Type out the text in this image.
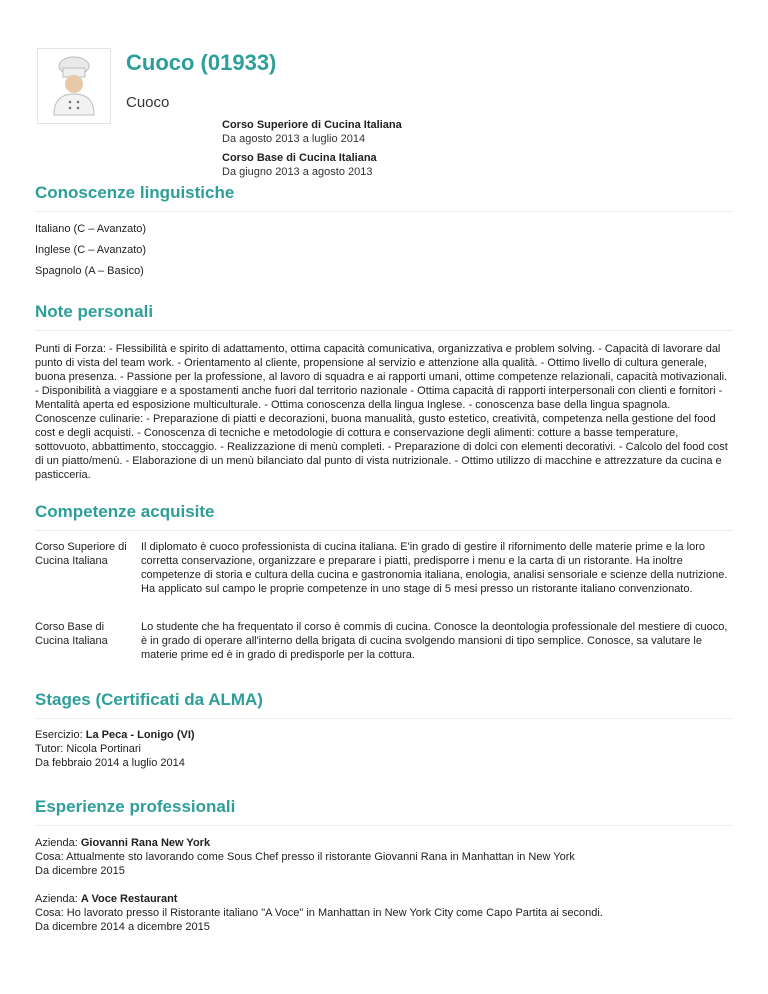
Cuoco (01933)
Cuoco
Corso Superiore di Cucina Italiana
Da agosto 2013 a luglio 2014
Corso Base di Cucina Italiana
Da giugno 2013 a agosto 2013
Conoscenze linguistiche
Italiano (C – Avanzato)
Inglese (C – Avanzato)
Spagnolo (A – Basico)
Note personali

Punti di Forza: - Flessibilità e spirito di adattamento, ottima capacità comunicativa, organizzativa e problem solving. - Capacità di lavorare dal punto di vista del team work. - Orientamento al cliente, propensione al servizio e attenzione alla qualità. - Ottimo livello di cultura generale, buona presenza. - Passione per la professione, al lavoro di squadra e ai rapporti umani, ottime competenze relazionali, capacità motivazionali. - Disponibilità a viaggiare e a spostamenti anche fuori dal territorio nazionale - Ottima capacità di rapporti interpersonali con clienti e fornitori - Mentalità aperta ed esposizione multiculturale. - Ottima conoscenza della lingua Inglese. - conoscenza base della lingua spagnola. Conoscenze culinarie: - Preparazione di piatti e decorazioni, buona manualità, gusto estetico, creatività, competenza nella gestione del food cost e degli acquisti. - Conoscenza di tecniche e metodologie di cottura e conservazione degli alimenti: cotture a basse temperature, sottovuoto, abbattimento, stoccaggio. - Realizzazione di menù completi. - Preparazione di dolci con elementi decorativi. - Calcolo del food cost di un piatto/menù. - Elaborazione di un menù bilanciato dal punto di vista nutrizionale. - Ottimo utilizzo di macchine e attrezzature da cucina e pasticceria.

Competenze acquisite
Corso Superiore di Cucina Italiana
Il diplomato è cuoco professionista di cucina italiana. E'in grado di gestire il rifornimento delle materie prime e la loro corretta conservazione, organizzare e preparare i piatti, predisporre i menu e la carta di un ristorante. Ha inoltre competenze di storia e cultura della cucina e gastronomia italiana, enologia, analisi sensoriale e scienze della nutrizione. Ha applicato sul campo le proprie competenze in uno stage di 5 mesi presso un ristorante italiano convenzionato.
Corso Base di Cucina Italiana
Lo studente che ha frequentato il corso è commis di cucina. Conosce la deontologia professionale del mestiere di cuoco, è in grado di operare all'interno della brigata di cucina svolgendo mansioni di tipo semplice. Conosce, sa valutare le materie prime ed è in grado di predisporle per la cottura.
Stages (Certificati da ALMA)
Esercizio: La Peca - Lonigo (VI)
Tutor: Nicola Portinari
Da febbraio 2014 a luglio 2014
Esperienze professionali
Azienda: Giovanni Rana New York
Cosa: Attualmente sto lavorando come Sous Chef presso il ristorante Giovanni Rana in Manhattan in New York
Da dicembre 2015
Azienda: A Voce Restaurant
Cosa: Ho lavorato presso il Ristorante italiano "A Voce" in Manhattan in New York City come Capo Partita ai secondi.
Da dicembre 2014 a dicembre 2015
